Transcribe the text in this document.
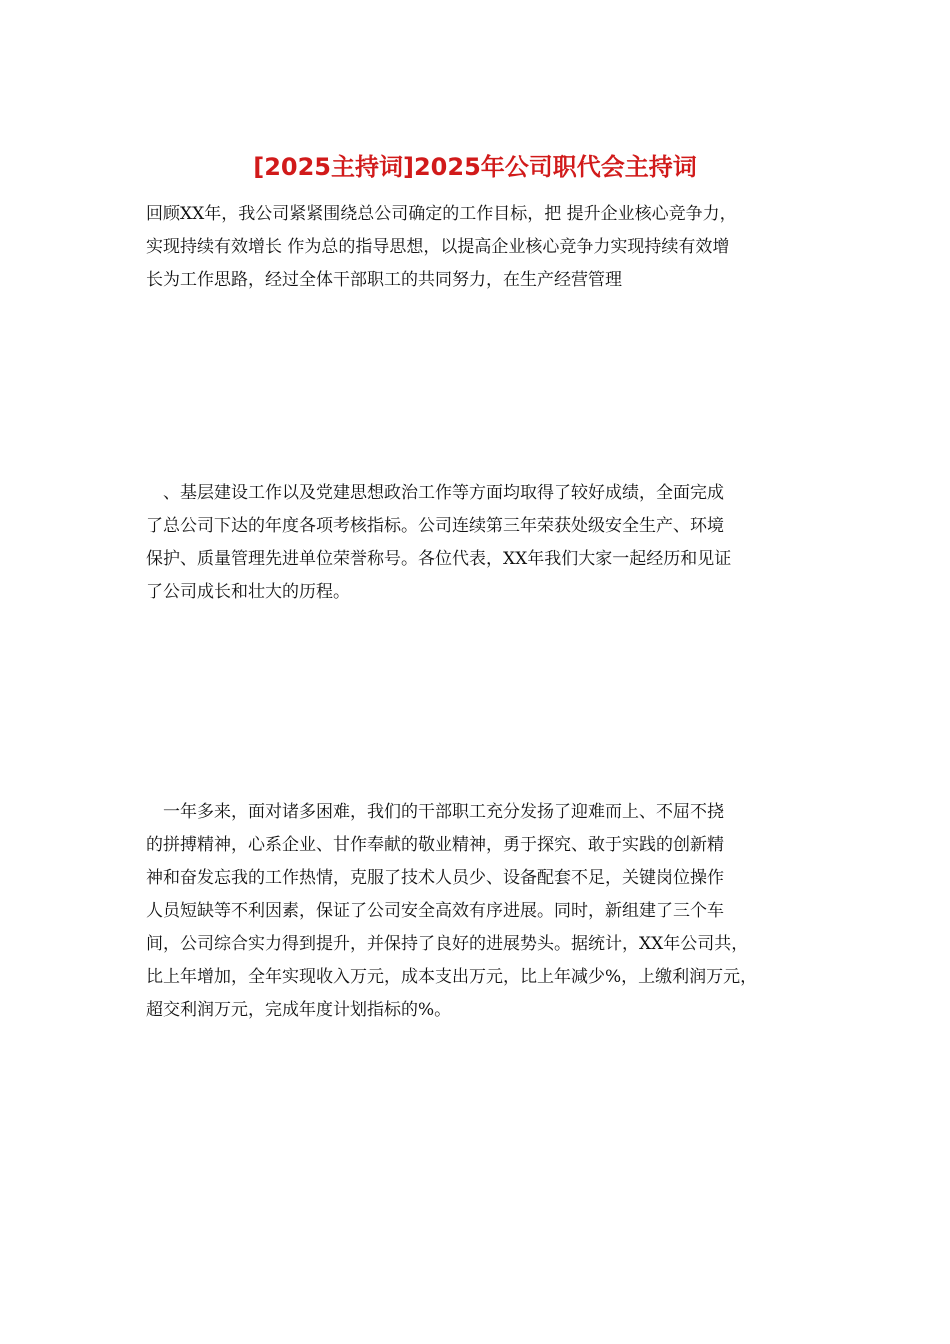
[2025主持词]2025年公司职代会主持词

回顾XX年，我公司紧紧围绕总公司确定的工作目标，把 提升企业核心竞争力，
实现持续有效增长 作为总的指导思想，以提高企业核心竞争力实现持续有效增
长为工作思路，经过全体干部职工的共同努力，在生产经营管理

　、基层建设工作以及党建思想政治工作等方面均取得了较好成绩，全面完成
了总公司下达的年度各项考核指标。公司连续第三年荣获处级安全生产、环境
保护、质量管理先进单位荣誉称号。各位代表，XX年我们大家一起经历和见证
了公司成长和壮大的历程。

　一年多来，面对诸多困难，我们的干部职工充分发扬了迎难而上、不屈不挠
的拼搏精神，心系企业、甘作奉献的敬业精神，勇于探究、敢于实践的创新精
神和奋发忘我的工作热情，克服了技术人员少、设备配套不足，关键岗位操作
人员短缺等不利因素，保证了公司安全高效有序进展。同时，新组建了三个车
间，公司综合实力得到提升，并保持了良好的进展势头。据统计，XX年公司共，
比上年增加，全年实现收入万元，成本支出万元，比上年减少%，上缴利润万元，
超交利润万元，完成年度计划指标的%。
